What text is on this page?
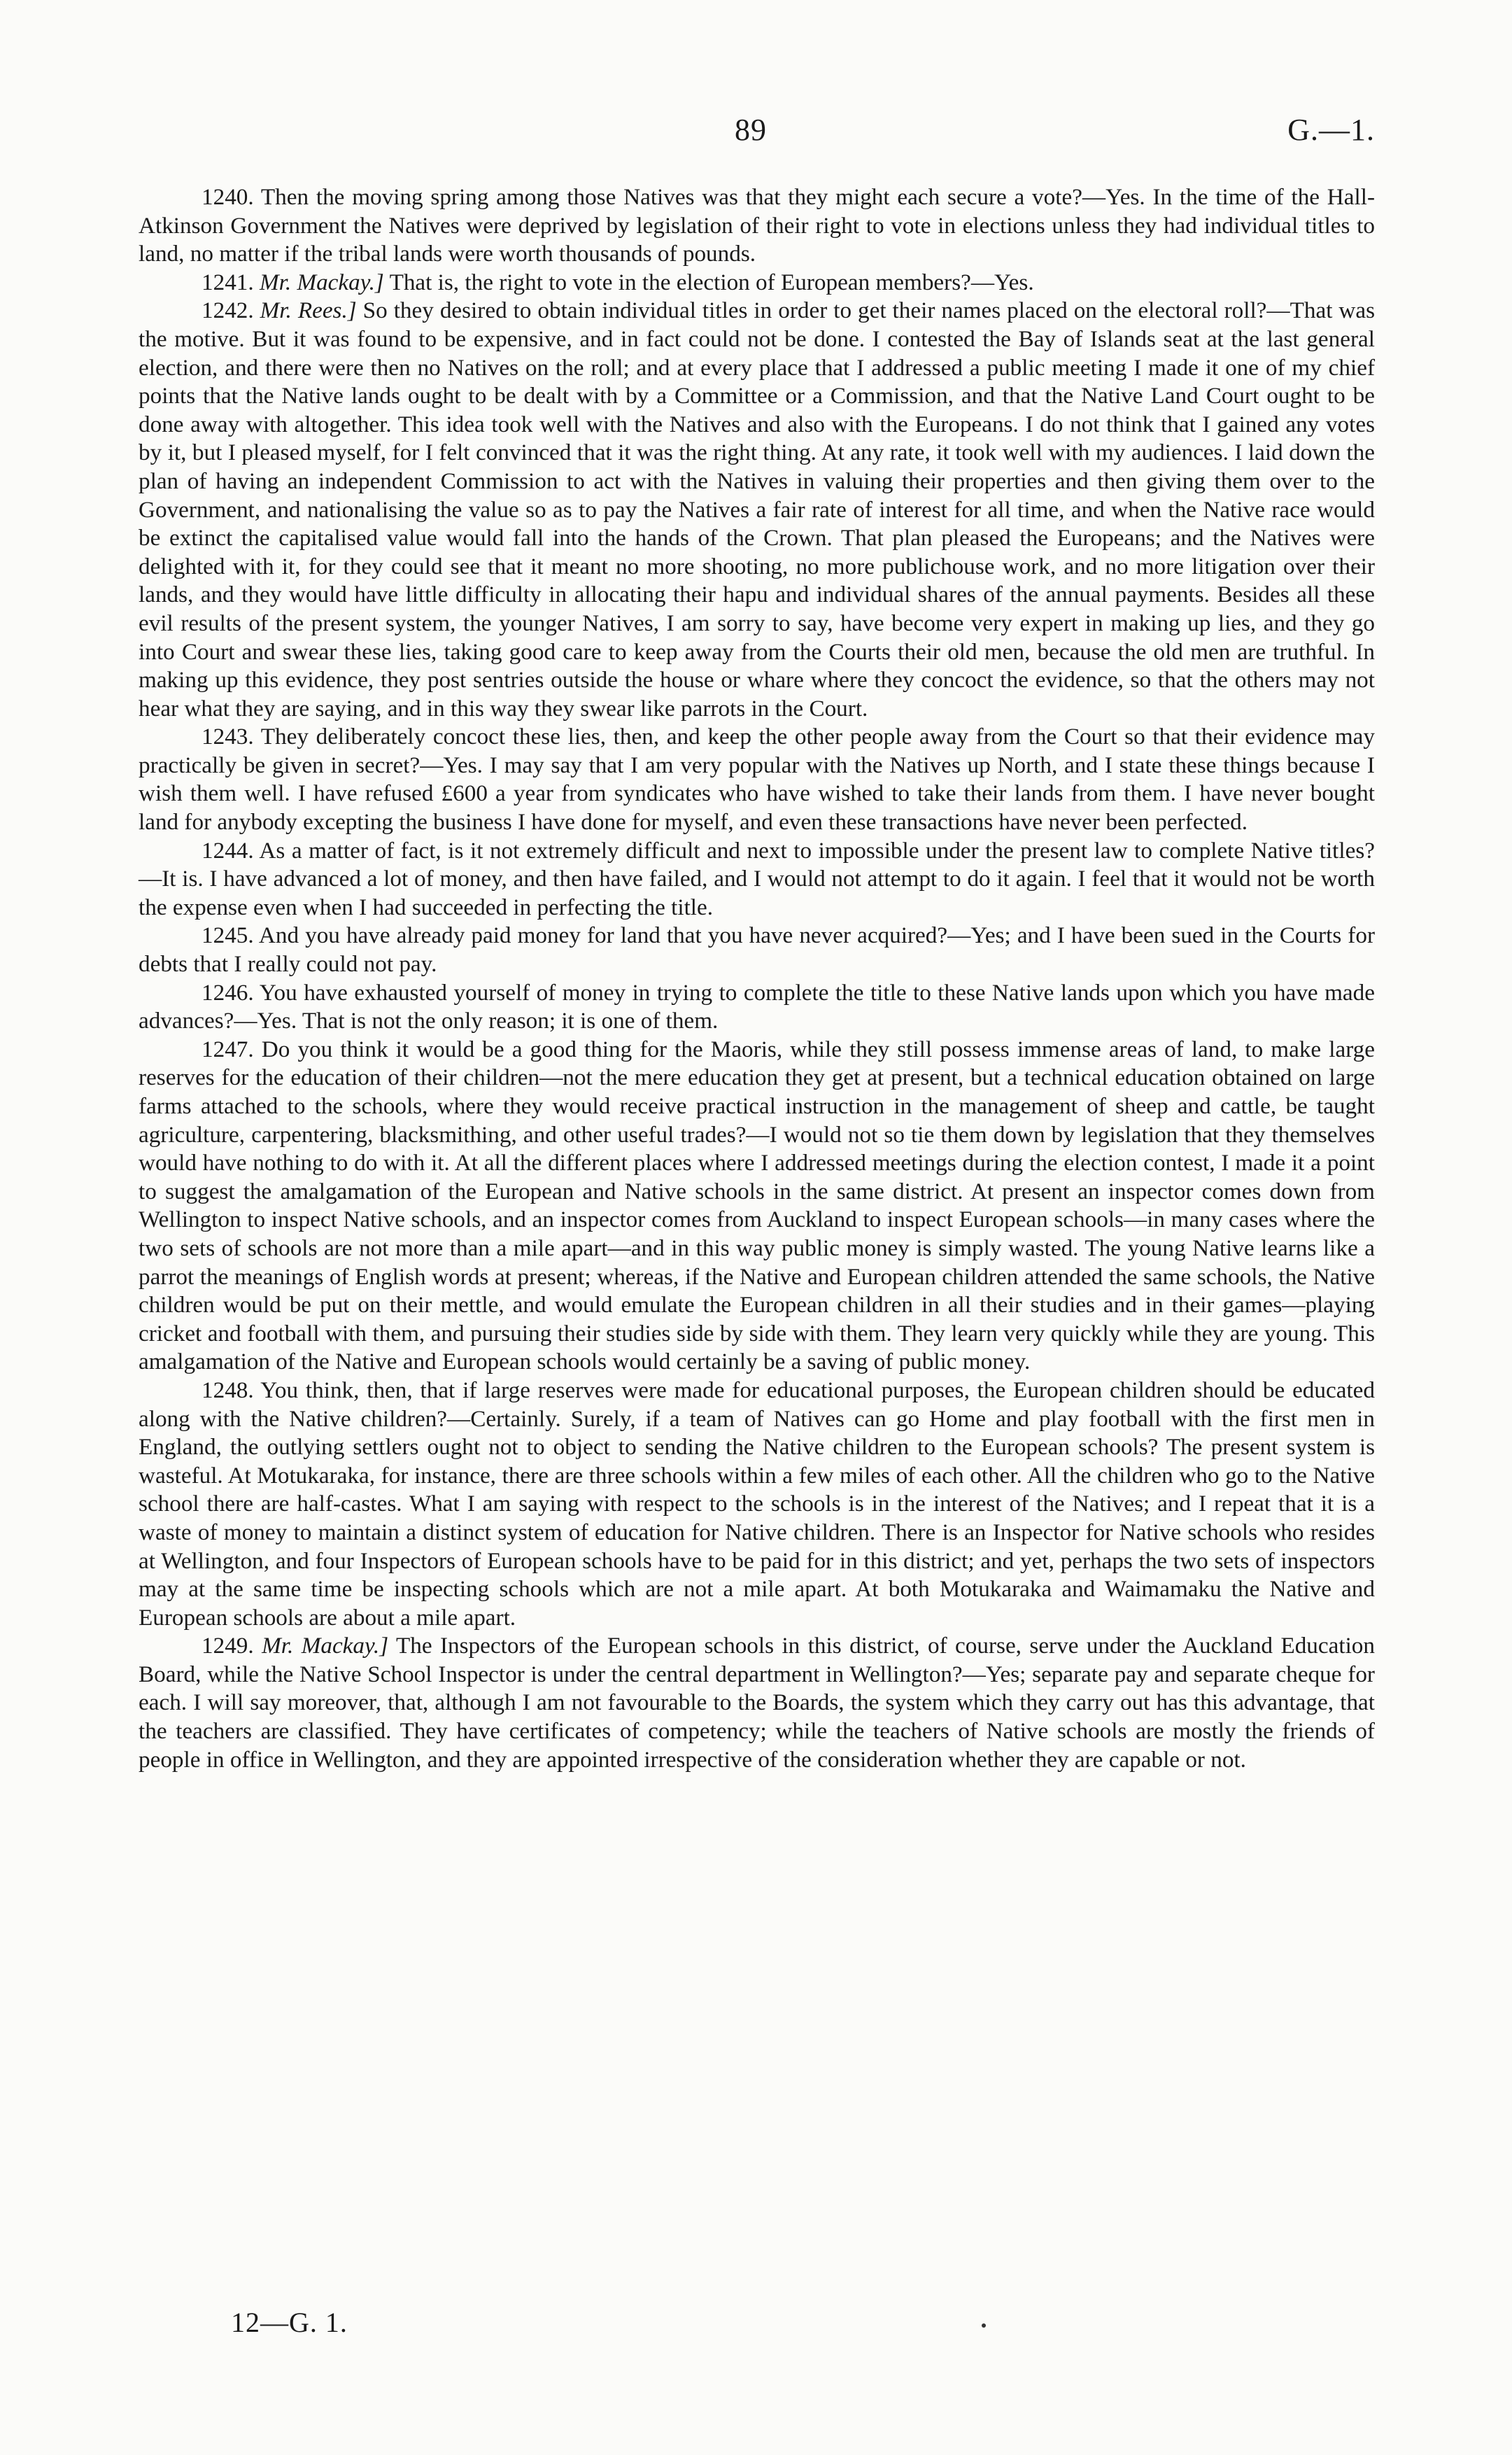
89	G.—1.

1240. Then the moving spring among those Natives was that they might each secure a vote?—Yes. In the time of the Hall-Atkinson Government the Natives were deprived by legislation of their right to vote in elections unless they had individual titles to land, no matter if the tribal lands were worth thousands of pounds.

1241. Mr. Mackay.] That is, the right to vote in the election of European members?—Yes.

1242. Mr. Rees.] So they desired to obtain individual titles in order to get their names placed on the electoral roll?—That was the motive. But it was found to be expensive, and in fact could not be done. I contested the Bay of Islands seat at the last general election, and there were then no Natives on the roll; and at every place that I addressed a public meeting I made it one of my chief points that the Native lands ought to be dealt with by a Committee or a Commission, and that the Native Land Court ought to be done away with altogether. This idea took well with the Natives and also with the Europeans. I do not think that I gained any votes by it, but I pleased myself, for I felt convinced that it was the right thing. At any rate, it took well with my audiences. I laid down the plan of having an independent Commission to act with the Natives in valuing their properties and then giving them over to the Government, and nationalising the value so as to pay the Natives a fair rate of interest for all time, and when the Native race would be extinct the capitalised value would fall into the hands of the Crown. That plan pleased the Europeans; and the Natives were delighted with it, for they could see that it meant no more shooting, no more publichouse work, and no more litigation over their lands, and they would have little difficulty in allocating their hapu and individual shares of the annual payments. Besides all these evil results of the present system, the younger Natives, I am sorry to say, have become very expert in making up lies, and they go into Court and swear these lies, taking good care to keep away from the Courts their old men, because the old men are truthful. In making up this evidence, they post sentries outside the house or whare where they concoct the evidence, so that the others may not hear what they are saying, and in this way they swear like parrots in the Court.

1243. They deliberately concoct these lies, then, and keep the other people away from the Court so that their evidence may practically be given in secret?—Yes. I may say that I am very popular with the Natives up North, and I state these things because I wish them well. I have refused £600 a year from syndicates who have wished to take their lands from them. I have never bought land for anybody excepting the business I have done for myself, and even these transactions have never been perfected.

1244. As a matter of fact, is it not extremely difficult and next to impossible under the present law to complete Native titles?—It is. I have advanced a lot of money, and then have failed, and I would not attempt to do it again. I feel that it would not be worth the expense even when I had succeeded in perfecting the title.

1245. And you have already paid money for land that you have never acquired?—Yes; and I have been sued in the Courts for debts that I really could not pay.

1246. You have exhausted yourself of money in trying to complete the title to these Native lands upon which you have made advances?—Yes. That is not the only reason; it is one of them.

1247. Do you think it would be a good thing for the Maoris, while they still possess immense areas of land, to make large reserves for the education of their children—not the mere education they get at present, but a technical education obtained on large farms attached to the schools, where they would receive practical instruction in the management of sheep and cattle, be taught agriculture, carpentering, blacksmithing, and other useful trades?—I would not so tie them down by legislation that they themselves would have nothing to do with it. At all the different places where I addressed meetings during the election contest, I made it a point to suggest the amalgamation of the European and Native schools in the same district. At present an inspector comes down from Wellington to inspect Native schools, and an inspector comes from Auckland to inspect European schools—in many cases where the two sets of schools are not more than a mile apart—and in this way public money is simply wasted. The young Native learns like a parrot the meanings of English words at present; whereas, if the Native and European children attended the same schools, the Native children would be put on their mettle, and would emulate the European children in all their studies and in their games—playing cricket and football with them, and pursuing their studies side by side with them. They learn very quickly while they are young. This amalgamation of the Native and European schools would certainly be a saving of public money.

1248. You think, then, that if large reserves were made for educational purposes, the European children should be educated along with the Native children?—Certainly. Surely, if a team of Natives can go Home and play football with the first men in England, the outlying settlers ought not to object to sending the Native children to the European schools? The present system is wasteful. At Motukaraka, for instance, there are three schools within a few miles of each other. All the children who go to the Native school there are half-castes. What I am saying with respect to the schools is in the interest of the Natives; and I repeat that it is a waste of money to maintain a distinct system of education for Native children. There is an Inspector for Native schools who resides at Wellington, and four Inspectors of European schools have to be paid for in this district; and yet, perhaps the two sets of inspectors may at the same time be inspecting schools which are not a mile apart. At both Motukaraka and Waimamaku the Native and European schools are about a mile apart.

1249. Mr. Mackay.] The Inspectors of the European schools in this district, of course, serve under the Auckland Education Board, while the Native School Inspector is under the central department in Wellington?—Yes; separate pay and separate cheque for each. I will say moreover, that, although I am not favourable to the Boards, the system which they carry out has this advantage, that the teachers are classified. They have certificates of competency; while the teachers of Native schools are mostly the friends of people in office in Wellington, and they are appointed irrespective of the consideration whether they are capable or not.

12—G. 1.
